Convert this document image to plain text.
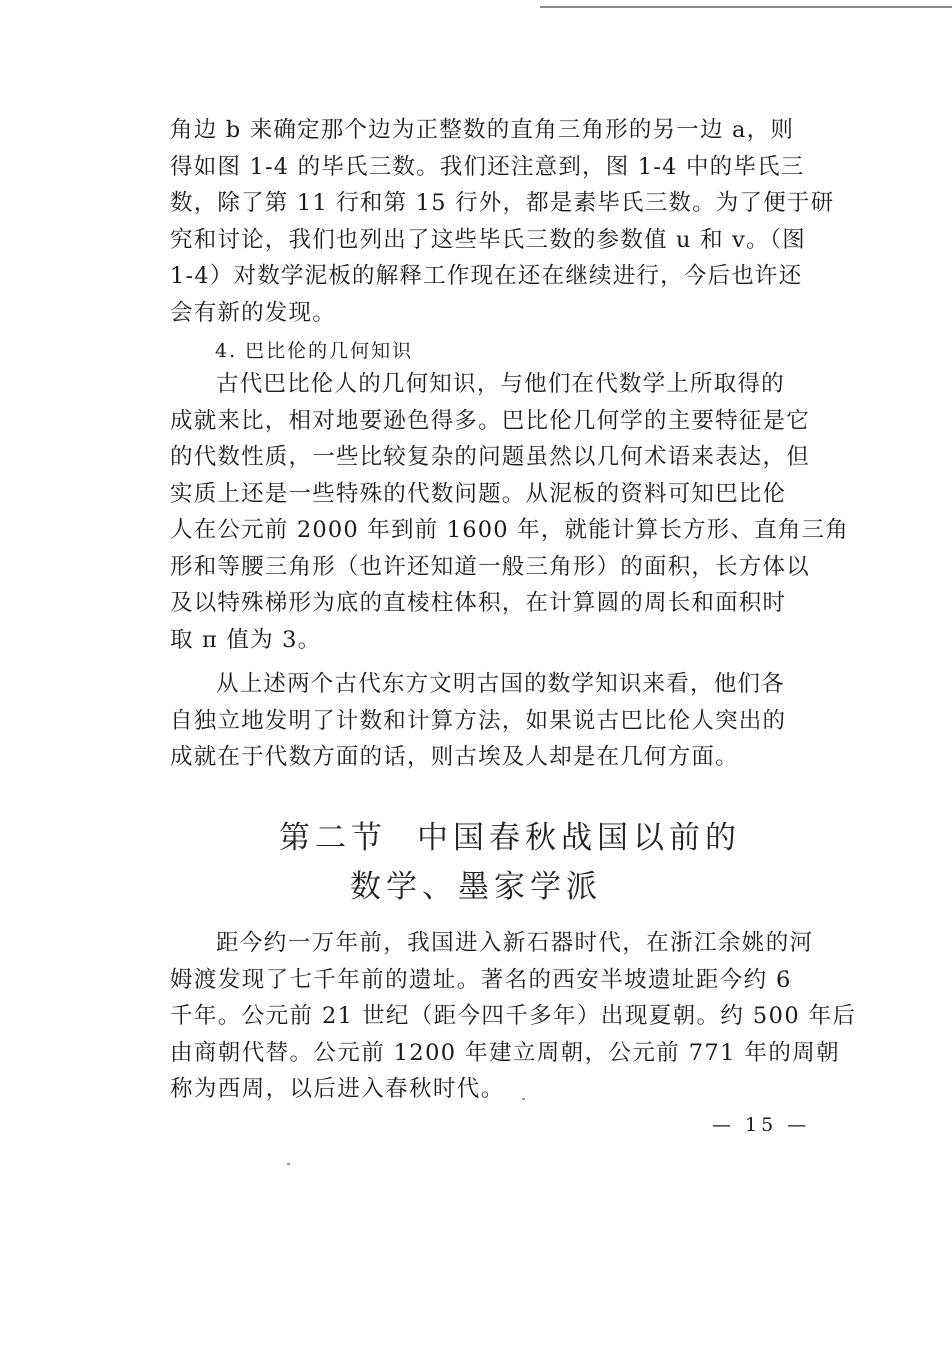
角边 b 来确定那个边为正整数的直角三角形的另一边 a，则
得如图 1-4 的毕氏三数。我们还注意到，图 1-4 中的毕氏三
数，除了第 11 行和第 15 行外，都是素毕氏三数。为了便于研
究和讨论，我们也列出了这些毕氏三数的参数值 u 和 v。（图
1-4）对数学泥板的解释工作现在还在继续进行，今后也许还
会有新的发现。

4. 巴比伦的几何知识

古代巴比伦人的几何知识，与他们在代数学上所取得的
成就来比，相对地要逊色得多。巴比伦几何学的主要特征是它
的代数性质，一些比较复杂的问题虽然以几何术语来表达，但
实质上还是一些特殊的代数问题。从泥板的资料可知巴比伦
人在公元前 2000 年到前 1600 年，就能计算长方形、直角三角
形和等腰三角形（也许还知道一般三角形）的面积，长方体以
及以特殊梯形为底的直棱柱体积，在计算圆的周长和面积时
取 π 值为 3。

从上述两个古代东方文明古国的数学知识来看，他们各
自独立地发明了计数和计算方法，如果说古巴比伦人突出的
成就在于代数方面的话，则古埃及人却是在几何方面。

第二节 中国春秋战国以前的
数学、墨家学派

距今约一万年前，我国进入新石器时代，在浙江余姚的河
姆渡发现了七千年前的遗址。著名的西安半坡遗址距今约 6
千年。公元前 21 世纪（距今四千多年）出现夏朝。约 500 年后
由商朝代替。公元前 1200 年建立周朝，公元前 771 年的周朝
称为西周，以后进入春秋时代。

— 15 —
